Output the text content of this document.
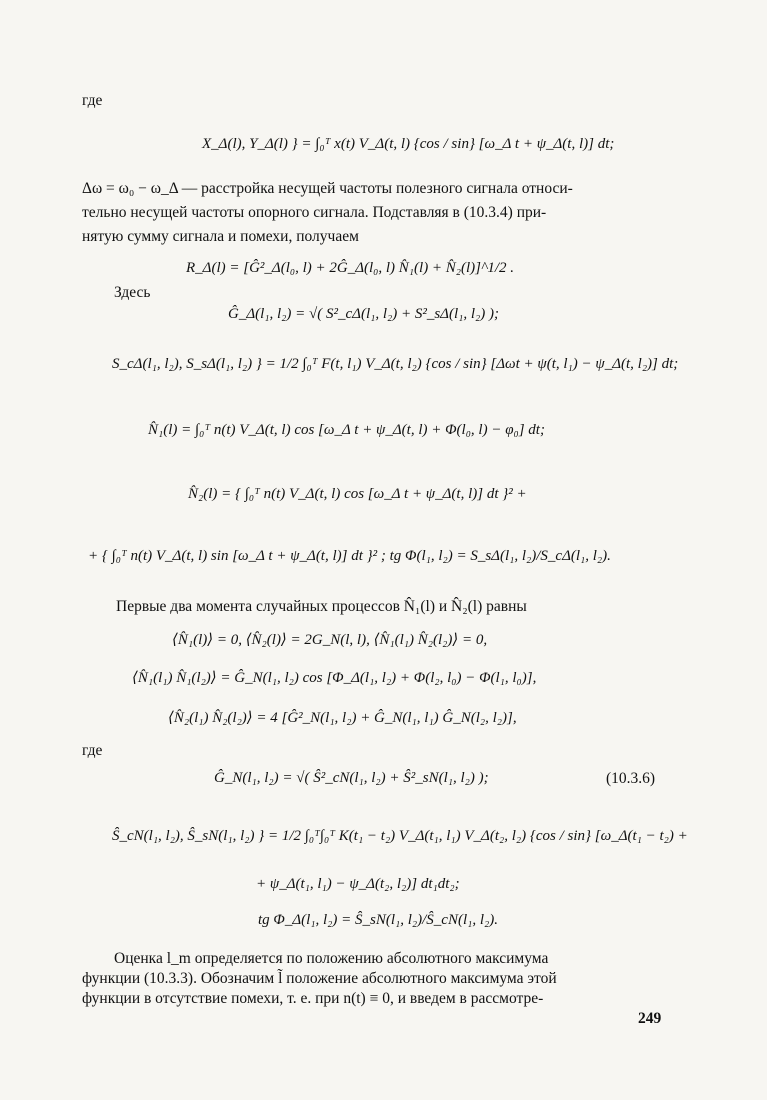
где
X_Δ(l), Y_Δ(l) } = ∫₀ᵀ x(t) V_Δ(t, l) {cos / sin} [ω_Δ t + ψ_Δ(t, l)] dt;
Δω = ω₀ − ω_Δ — расстройка несущей частоты полезного сигнала относи-
тельно несущей частоты опорного сигнала. Подставляя в (10.3.4) при-
нятую сумму сигнала и помехи, получаем
R_Δ(l) = [Ĝ²_Δ(l₀, l) + 2Ĝ_Δ(l₀, l) N̂₁(l) + N̂₂(l)]^1/2 .
Здесь
Ĝ_Δ(l₁, l₂) = √( S²_cΔ(l₁, l₂) + S²_sΔ(l₁, l₂) );
S_cΔ(l₁, l₂), S_sΔ(l₁, l₂) } = 1/2 ∫₀ᵀ F(t, l₁) V_Δ(t, l₂) {cos / sin} [Δωt + ψ(t, l₁) − ψ_Δ(t, l₂)] dt;
N̂₁(l) = ∫₀ᵀ n(t) V_Δ(t, l) cos [ω_Δ t + ψ_Δ(t, l) + Φ(l₀, l) − φ₀] dt;
N̂₂(l) = { ∫₀ᵀ n(t) V_Δ(t, l) cos [ω_Δ t + ψ_Δ(t, l)] dt }² +
+ { ∫₀ᵀ n(t) V_Δ(t, l) sin [ω_Δ t + ψ_Δ(t, l)] dt }² ; tg Φ(l₁, l₂) = S_sΔ(l₁, l₂)/S_cΔ(l₁, l₂).
Первые два момента случайных процессов N̂₁(l) и N̂₂(l) равны
⟨N̂₁(l)⟩ = 0, ⟨N̂₂(l)⟩ = 2G_N(l, l), ⟨N̂₁(l₁) N̂₂(l₂)⟩ = 0,
⟨N̂₁(l₁) N̂₁(l₂)⟩ = Ĝ_N(l₁, l₂) cos [Φ_Δ(l₁, l₂) + Φ(l₂, l₀) − Φ(l₁, l₀)],
⟨N̂₂(l₁) N̂₂(l₂)⟩ = 4 [Ĝ²_N(l₁, l₂) + Ĝ_N(l₁, l₁) Ĝ_N(l₂, l₂)],
где
Ĝ_N(l₁, l₂) = √( Ŝ²_cN(l₁, l₂) + Ŝ²_sN(l₁, l₂) );	(10.3.6)
Ŝ_cN(l₁, l₂), Ŝ_sN(l₁, l₂) } = 1/2 ∫₀ᵀ∫₀ᵀ K(t₁ − t₂) V_Δ(t₁, l₁) V_Δ(t₂, l₂) {cos / sin} [ω_Δ(t₁ − t₂) +
+ ψ_Δ(t₁, l₁) − ψ_Δ(t₂, l₂)] dt₁dt₂;
tg Φ_Δ(l₁, l₂) = Ŝ_sN(l₁, l₂)/Ŝ_cN(l₁, l₂).
Оценка l_m определяется по положению абсолютного максимума
функции (10.3.3). Обозначим l̃ положение абсолютного максимума этой
функции в отсутствие помехи, т. е. при n(t) ≡ 0, и введем в рассмотре-
249
